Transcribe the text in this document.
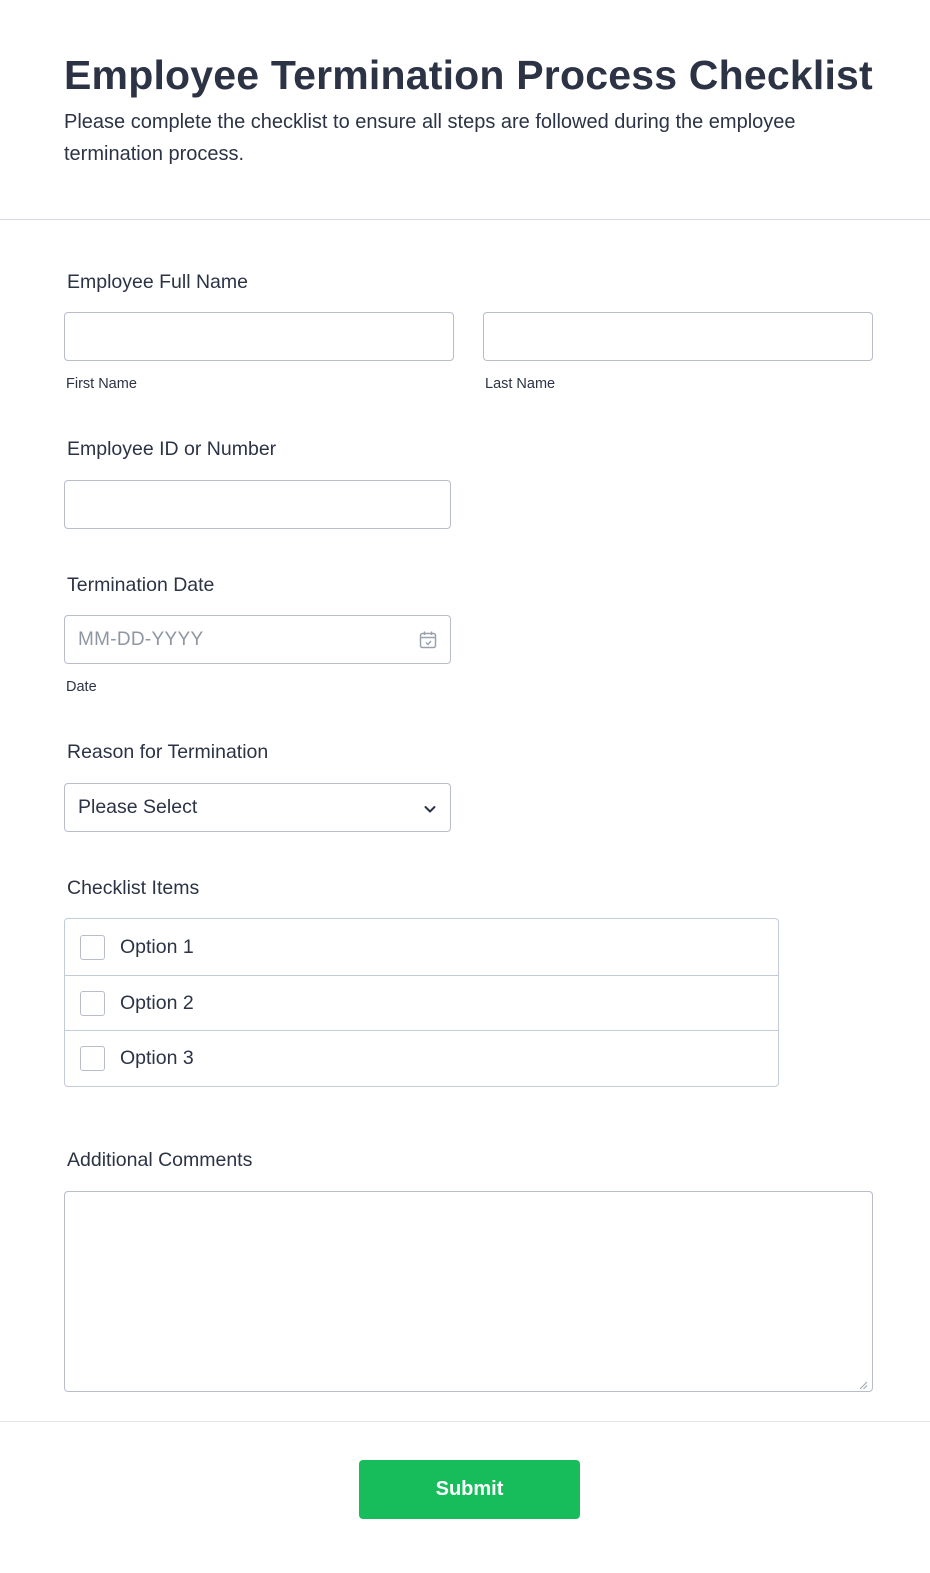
Employee Termination Process Checklist

Please complete the checklist to ensure all steps are followed during the employee termination process.

Employee Full Name
First Name	Last Name
Employee ID or Number
Termination Date
MM-DD-YYYY
Date
Reason for Termination
Please Select
Checklist Items
Option 1
Option 2
Option 3
Additional Comments
Submit
